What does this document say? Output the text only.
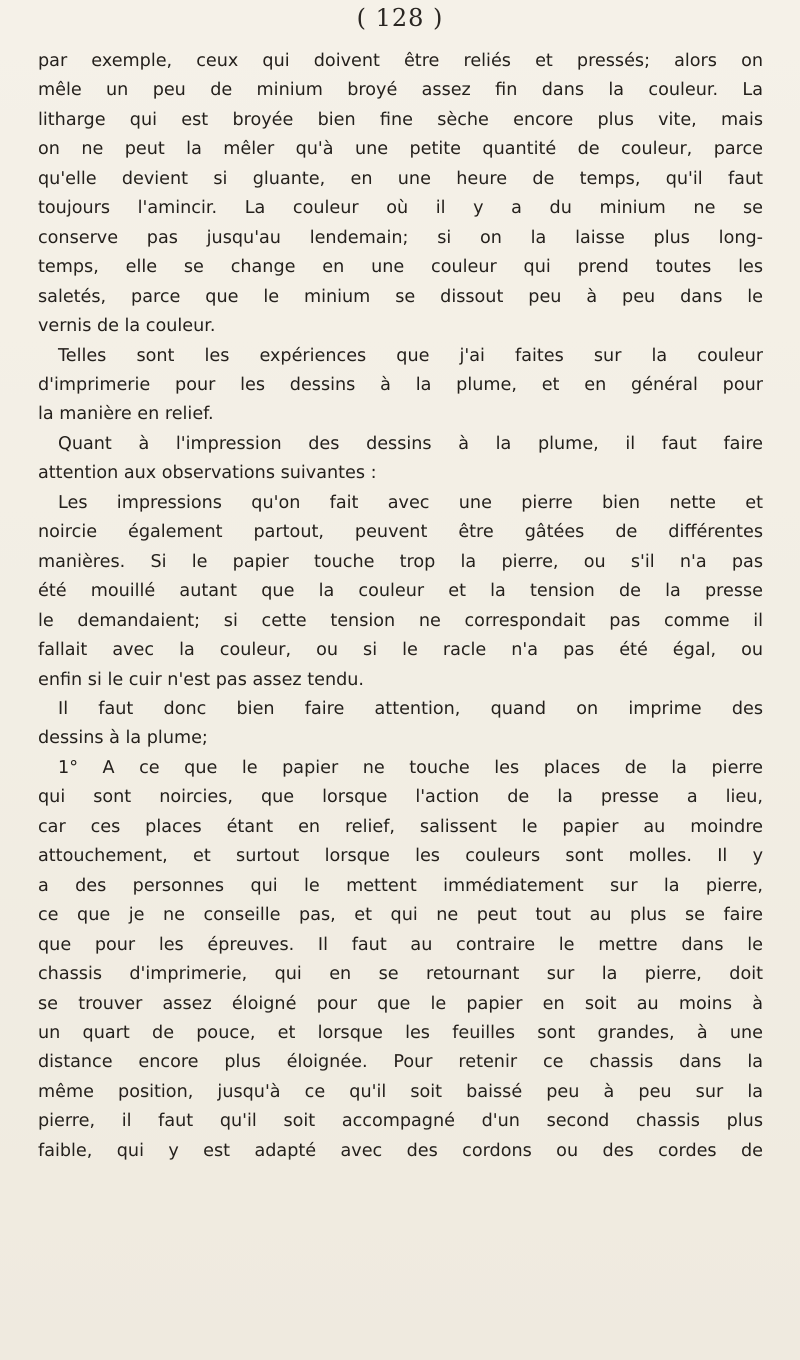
( 128 )
par exemple, ceux qui doivent être reliés et pressés; alors on
mêle un peu de minium broyé assez fin dans la couleur. La
litharge qui est broyée bien fine sèche encore plus vite, mais
on ne peut la mêler qu'à une petite quantité de couleur, parce
qu'elle devient si gluante, en une heure de temps, qu'il faut
toujours l'amincir. La couleur où il y a du minium ne se
conserve pas jusqu'au lendemain; si on la laisse plus long-
temps, elle se change en une couleur qui prend toutes les
saletés, parce que le minium se dissout peu à peu dans le
vernis de la couleur.
Telles sont les expériences que j'ai faites sur la couleur
d'imprimerie pour les dessins à la plume, et en général pour
la manière en relief.
Quant à l'impression des dessins à la plume, il faut faire
attention aux observations suivantes :
Les impressions qu'on fait avec une pierre bien nette et
noircie également partout, peuvent être gâtées de différentes
manières. Si le papier touche trop la pierre, ou s'il n'a pas
été mouillé autant que la couleur et la tension de la presse
le demandaient; si cette tension ne correspondait pas comme il
fallait avec la couleur, ou si le racle n'a pas été égal, ou
enfin si le cuir n'est pas assez tendu.
Il faut donc bien faire attention, quand on imprime des
dessins à la plume;
1° A ce que le papier ne touche les places de la pierre
qui sont noircies, que lorsque l'action de la presse a lieu,
car ces places étant en relief, salissent le papier au moindre
attouchement, et surtout lorsque les couleurs sont molles. Il y
a des personnes qui le mettent immédiatement sur la pierre,
ce que je ne conseille pas, et qui ne peut tout au plus se faire
que pour les épreuves. Il faut au contraire le mettre dans le
chassis d'imprimerie, qui en se retournant sur la pierre, doit
se trouver assez éloigné pour que le papier en soit au moins à
un quart de pouce, et lorsque les feuilles sont grandes, à une
distance encore plus éloignée. Pour retenir ce chassis dans la
même position, jusqu'à ce qu'il soit baissé peu à peu sur la
pierre, il faut qu'il soit accompagné d'un second chassis plus
faible, qui y est adapté avec des cordons ou des cordes de
